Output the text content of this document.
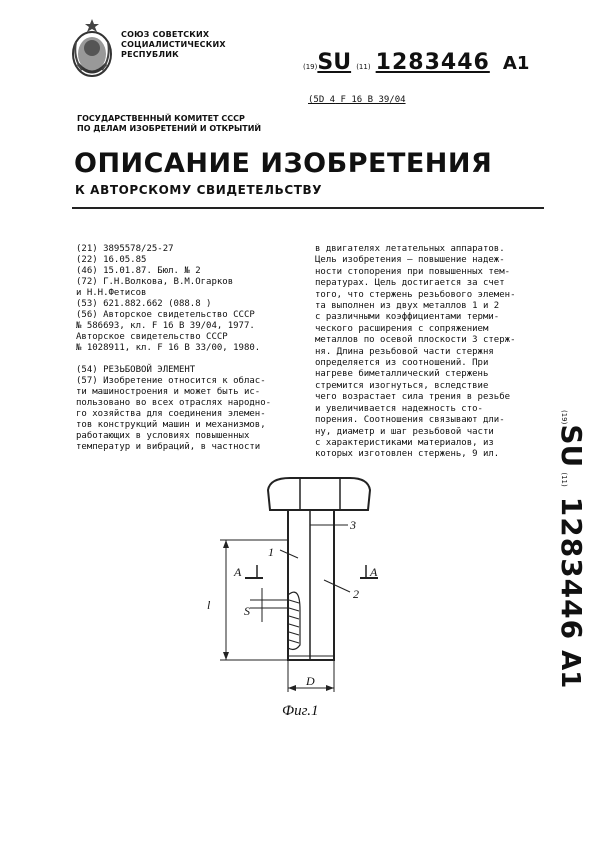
СОЮЗ СОВЕТСКИХ
СОЦИАЛИСТИЧЕСКИХ
РЕСПУБЛИК
(19)SU (11) 1283446 A1
(5D 4 F 16 B 39/04
ГОСУДАРСТВЕННЫЙ КОМИТЕТ СССР
ПО ДЕЛАМ ИЗОБРЕТЕНИЙ И ОТКРЫТИЙ
ОПИСАНИЕ ИЗОБРЕТЕНИЯ
К АВТОРСКОМУ СВИДЕТЕЛЬСТВУ
(21) 3895578/25-27
(22) 16.05.85
(46) 15.01.87. Бюл. № 2
(72) Г.Н.Волкова, В.М.Огарков
и Н.Н.Фетисов
(53) 621.882.662 (088.8 )
(56) Авторское свидетельство СССР
№ 586693, кл. F 16 B 39/04, 1977.
Авторское свидетельство СССР
№ 1028911, кл. F 16 B 33/00, 1980.
(54) РЕЗЬБОВОЙ ЭЛЕМЕНТ
(57) Изобретение относится к облас-
ти машиностроения и может быть ис-
пользовано во всех отраслях народно-
го хозяйства для соединения элемен-
тов конструкций машин и механизмов,
работающих в условиях повышенных
температур и вибраций, в частности
в двигателях летательных аппаратов.
Цель изобретения – повышение надеж-
ности стопорения при повышенных тем-
пературах. Цель достигается за счет
того, что стержень резьбового элемен-
та выполнен из двух металлов 1 и 2
с различными коэффициентами терми-
ческого расширения с сопряжением
металлов по осевой плоскости 3 стерж-
ня. Длина резьбовой части стержня
определяется из соотношений. При
нагреве биметаллический стержень
стремится изогнуться, вследствие
чего возрастает сила трения в резьбе
и увеличивается надежность сто-
порения. Соотношения связывают дли-
ну, диаметр и шаг резьбовой части
с характеристиками материалов, из
которых изготовлен стержень, 9 ил.
(19)SU (11)1283446A1
1
2
3
А	А
l	S
D
Фиг.1
